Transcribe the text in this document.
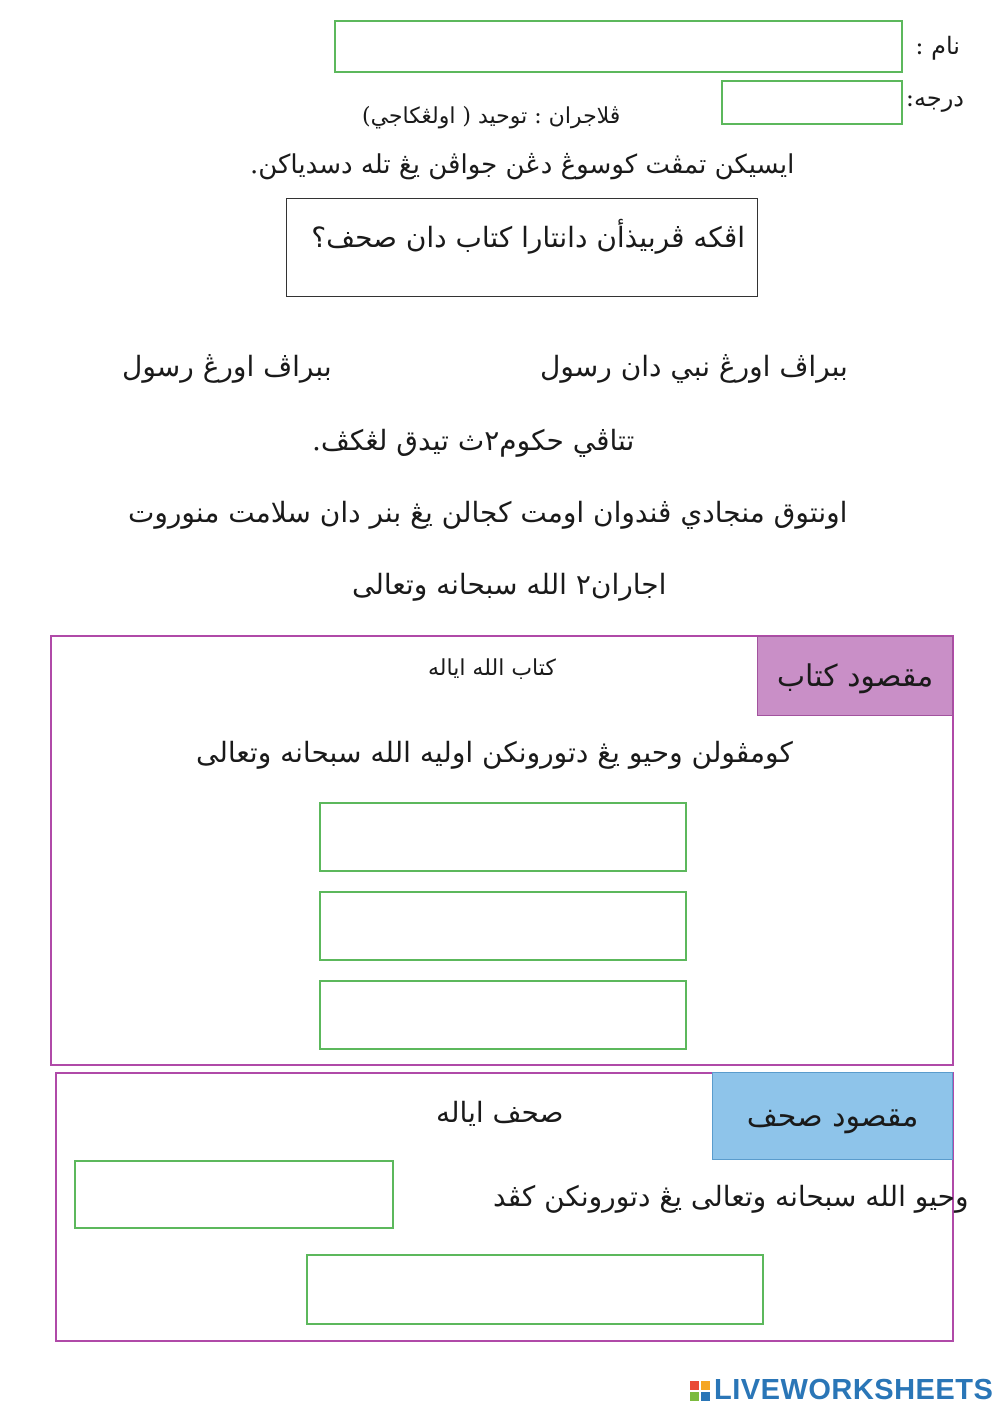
نام :
درجه:
ڤلاجران : توحيد ( اولڠكاجي)
ايسيكن تمڤت كوسوڠ دڠن جواڤن يڠ تله دسدياكن.
اڤكه ڤربيذأن دانتارا كتاب دان صحف؟
ببراڤ اورڠ نبي دان رسول
ببراڤ اورڠ رسول
تتاڤي حكوم٢ث تيدق لڠكڤ.
اونتوق منجادي ڤندوان اومت كجالن يڠ بنر دان سلامت منوروت
اجاران٢ الله سبحانه وتعالى
مقصود كتاب
كتاب الله اياله
كومڤولن وحيو يڠ دتورونكن اوليه الله سبحانه وتعالى
مقصود صحف
صحف اياله
وحيو الله سبحانه وتعالى يڠ دتورونكن كڤد
LIVEWORKSHEETS
